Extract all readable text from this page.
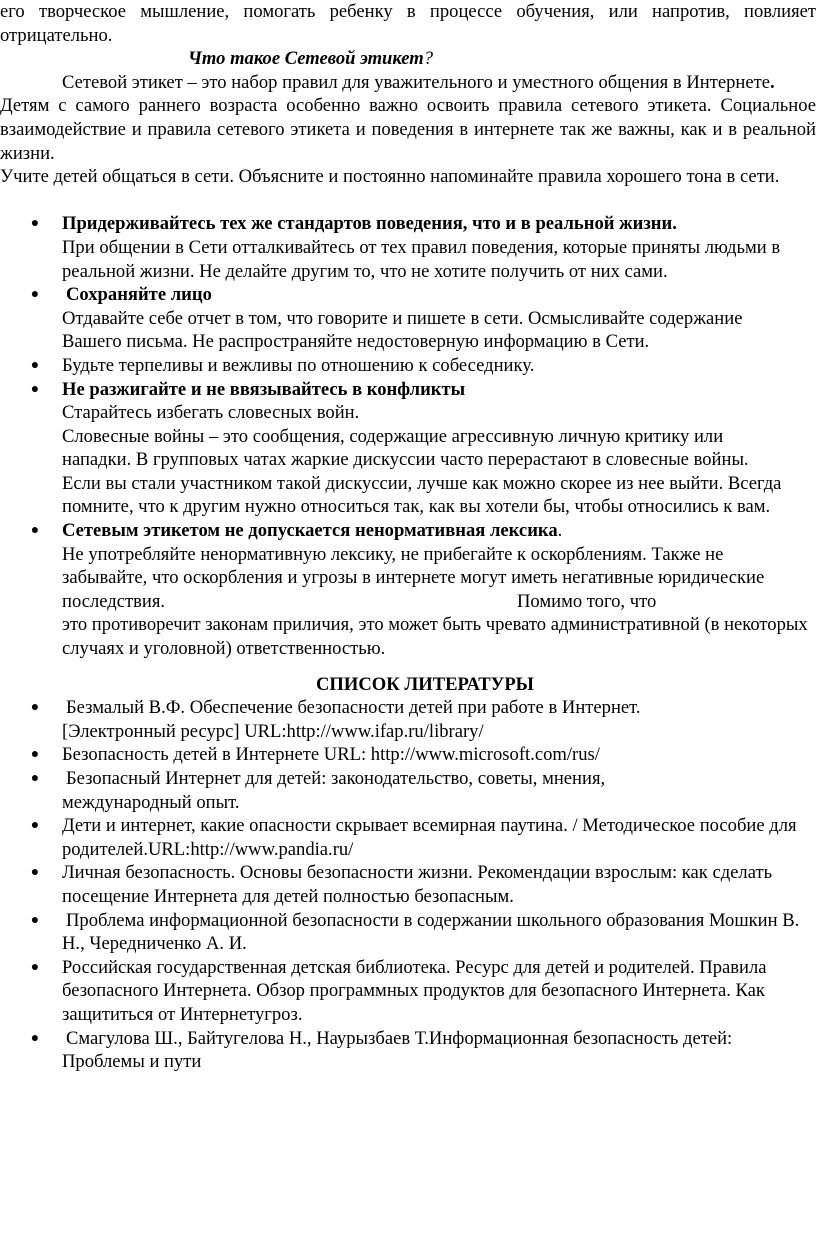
его творческое мышление, помогать ребенку в процессе обучения, или напротив, повлияет отрицательно.

Что такое Сетевой этикет?

Сетевой этикет – это набор правил для уважительного и уместного общения в Интернете.

Детям с самого раннего возраста особенно важно освоить правила сетевого этикета. Социальное взаимодействие и правила сетевого этикета и поведения в интернете так же важны, как и в реальной жизни.

Учите детей общаться в сети. Объясните и постоянно напоминайте правила хорошего тона в сети.

● Придерживайтесь тех же стандартов поведения, что и в реальной жизни.
При общении в Сети отталкивайтесь от тех правил поведения, которые приняты людьми в реальной жизни. Не делайте другим то, что не хотите получить от них сами.
● Сохраняйте лицо
Отдавайте себе отчет в том, что говорите и пишете в сети. Осмысливайте содержание Вашего письма. Не распространяйте недостоверную информацию в Сети.
● Будьте терпеливы и вежливы по отношению к собеседнику.
● Не разжигайте и не ввязывайтесь в конфликты
Старайтесь избегать словесных войн.
Словесные войны – это сообщения, содержащие агрессивную личную критику или нападки. В групповых чатах жаркие дискуссии часто перерастают в словесные войны. Если вы стали участником такой дискуссии, лучше как можно скорее из нее выйти. Всегда помните, что к другим нужно относиться так, как вы хотели бы, чтобы относились к вам.
● Сетевым этикетом не допускается ненормативная лексика.
Не употребляйте ненормативную лексику, не прибегайте к оскорблениям. Также не забывайте, что оскорбления и угрозы в интернете могут иметь негативные юридические
последствия.	Помимо того, что
это противоречит законам приличия, это может быть чревато административной (в некоторых случаях и уголовной) ответственностью.

СПИСОК ЛИТЕРАТУРЫ

● Безмалый В.Ф. Обеспечение безопасности детей при работе в Интернет.[Электронный ресурс] URL:http://www.ifap.ru/library/
● Безопасность детей в Интернете URL: http://www.microsoft.com/rus/
● Безопасный Интернет для детей: законодательство, советы, мнения, международный опыт.
● Дети и интернет, какие опасности скрывает всемирная паутина. / Методическое пособие для родителей.URL:http://www.pandia.ru/
● Личная безопасность. Основы безопасности жизни. Рекомендации взрослым: как сделать посещение Интернета для детей полностью безопасным.
● Проблема информационной безопасности в содержании школьного образования Мошкин В. Н., Чередниченко А. И.
● Российская государственная детская библиотека. Ресурс для детей и родителей. Правила безопасного Интернета. Обзор программных продуктов для безопасного Интернета. Как защититься от Интернетугроз.
● Смагулова Ш., Байтугелова Н., Наурызбаев Т.Информационная безопасность детей: Проблемы и пути
